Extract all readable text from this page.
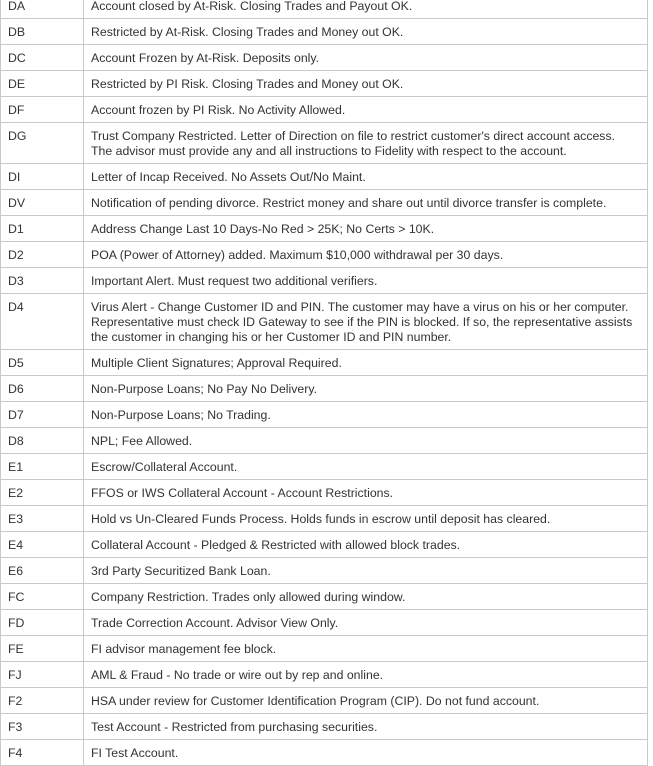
DA	Account closed by At-Risk. Closing Trades and Payout OK.
DB	Restricted by At-Risk. Closing Trades and Money out OK.
DC	Account Frozen by At-Risk. Deposits only.
DE	Restricted by PI Risk. Closing Trades and Money out OK.
DF	Account frozen by PI Risk. No Activity Allowed.
DG	Trust Company Restricted. Letter of Direction on file to restrict customer's direct account access. The advisor must provide any and all instructions to Fidelity with respect to the account.
DI	Letter of Incap Received. No Assets Out/No Maint.
DV	Notification of pending divorce. Restrict money and share out until divorce transfer is complete.
D1	Address Change Last 10 Days-No Red > 25K; No Certs > 10K.
D2	POA (Power of Attorney) added. Maximum $10,000 withdrawal per 30 days.
D3	Important Alert. Must request two additional verifiers.
D4	Virus Alert - Change Customer ID and PIN. The customer may have a virus on his or her computer. Representative must check ID Gateway to see if the PIN is blocked. If so, the representative assists the customer in changing his or her Customer ID and PIN number.
D5	Multiple Client Signatures; Approval Required.
D6	Non-Purpose Loans; No Pay No Delivery.
D7	Non-Purpose Loans; No Trading.
D8	NPL; Fee Allowed.
E1	Escrow/Collateral Account.
E2	FFOS or IWS Collateral Account - Account Restrictions.
E3	Hold vs Un-Cleared Funds Process. Holds funds in escrow until deposit has cleared.
E4	Collateral Account - Pledged & Restricted with allowed block trades.
E6	3rd Party Securitized Bank Loan.
FC	Company Restriction. Trades only allowed during window.
FD	Trade Correction Account. Advisor View Only.
FE	FI advisor management fee block.
FJ	AML & Fraud - No trade or wire out by rep and online.
F2	HSA under review for Customer Identification Program (CIP). Do not fund account.
F3	Test Account - Restricted from purchasing securities.
F4	FI Test Account.
